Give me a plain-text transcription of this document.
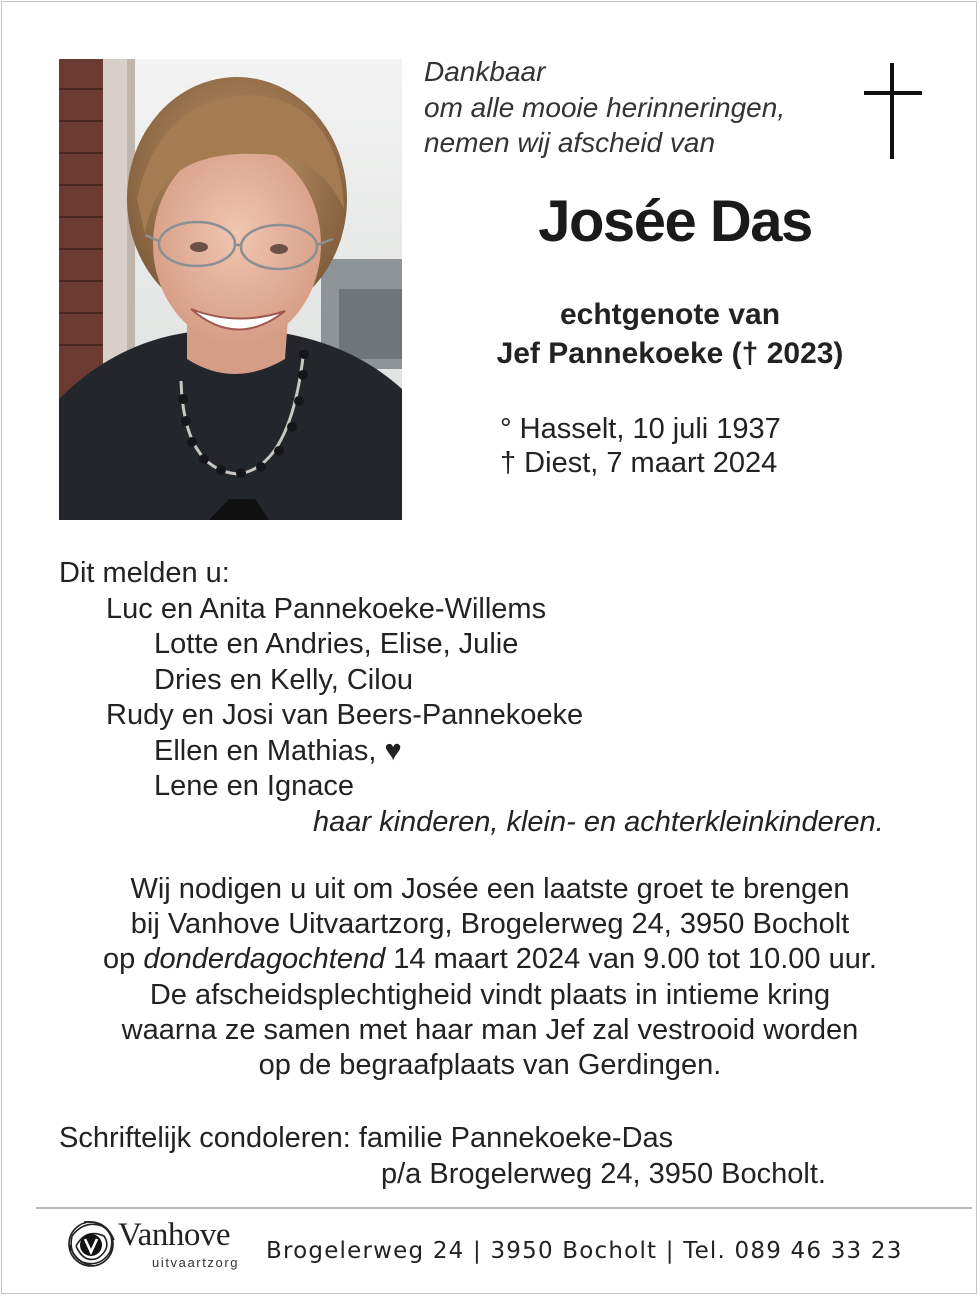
Dankbaar
om alle mooie herinneringen,
nemen wij afscheid van
Josée Das
echtgenote van
Jef Pannekoeke († 2023)
° Hasselt, 10 juli 1937
† Diest, 7 maart 2024
Dit melden u:
Luc en Anita Pannekoeke-Willems
Lotte en Andries, Elise, Julie
Dries en Kelly, Cilou
Rudy en Josi van Beers-Pannekoeke
Ellen en Mathias, ♥
Lene en Ignace
haar kinderen, klein- en achterkleinkinderen.
Wij nodigen u uit om Josée een laatste groet te brengen
bij Vanhove Uitvaartzorg, Brogelerweg 24, 3950 Bocholt
op donderdagochtend 14 maart 2024 van 9.00 tot 10.00 uur.
De afscheidsplechtigheid vindt plaats in intieme kring
waarna ze samen met haar man Jef zal vestrooid worden
op de begraafplaats van Gerdingen.
Schriftelijk condoleren: familie Pannekoeke-Das
p/a Brogelerweg 24, 3950 Bocholt.
Vanhove
uitvaartzorg Brogelerweg 24 | 3950 Bocholt | Tel. 089 46 33 23
